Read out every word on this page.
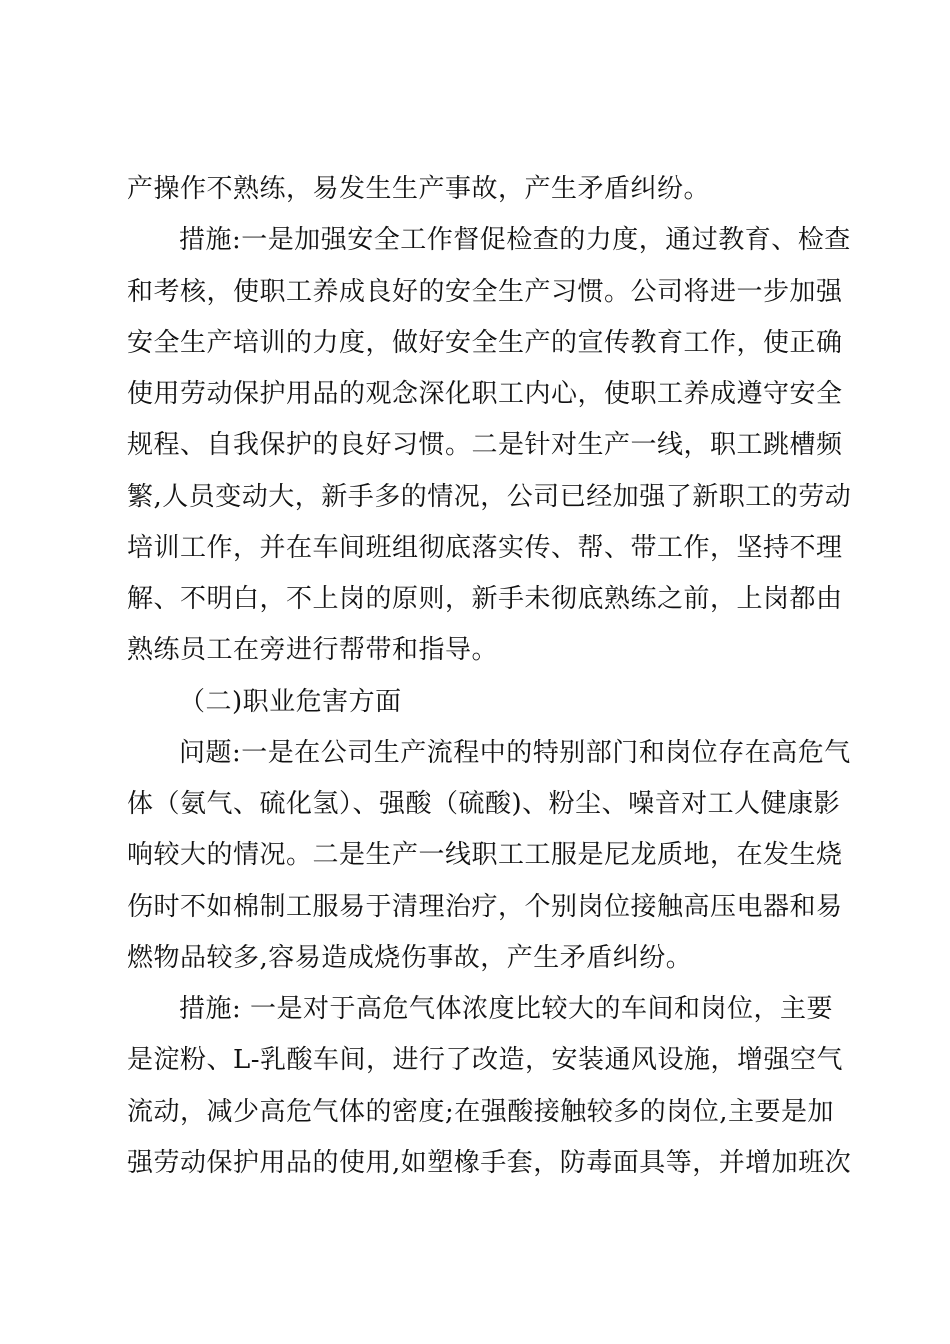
产操作不熟练，易发生生产事故，产生矛盾纠纷。
措施:一是加强安全工作督促检查的力度，通过教育、检查
和考核，使职工养成良好的安全生产习惯。公司将进一步加强
安全生产培训的力度，做好安全生产的宣传教育工作，使正确
使用劳动保护用品的观念深化职工内心，使职工养成遵守安全
规程、自我保护的良好习惯。二是针对生产一线，职工跳槽频
繁,人员变动大，新手多的情况，公司已经加强了新职工的劳动
培训工作，并在车间班组彻底落实传、帮、带工作，坚持不理
解、不明白，不上岗的原则，新手未彻底熟练之前，上岗都由
熟练员工在旁进行帮带和指导。
（二)职业危害方面
问题:一是在公司生产流程中的特别部门和岗位存在高危气
体（氨气、硫化氢）、强酸（硫酸)、粉尘、噪音对工人健康影
响较大的情况。二是生产一线职工工服是尼龙质地，在发生烧
伤时不如棉制工服易于清理治疗，个别岗位接触高压电器和易
燃物品较多,容易造成烧伤事故，产生矛盾纠纷。
措施: 一是对于高危气体浓度比较大的车间和岗位，主要
是淀粉、L-乳酸车间，进行了改造，安装通风设施，增强空气
流动，减少高危气体的密度;在强酸接触较多的岗位,主要是加
强劳动保护用品的使用,如塑橡手套，防毒面具等，并增加班次
